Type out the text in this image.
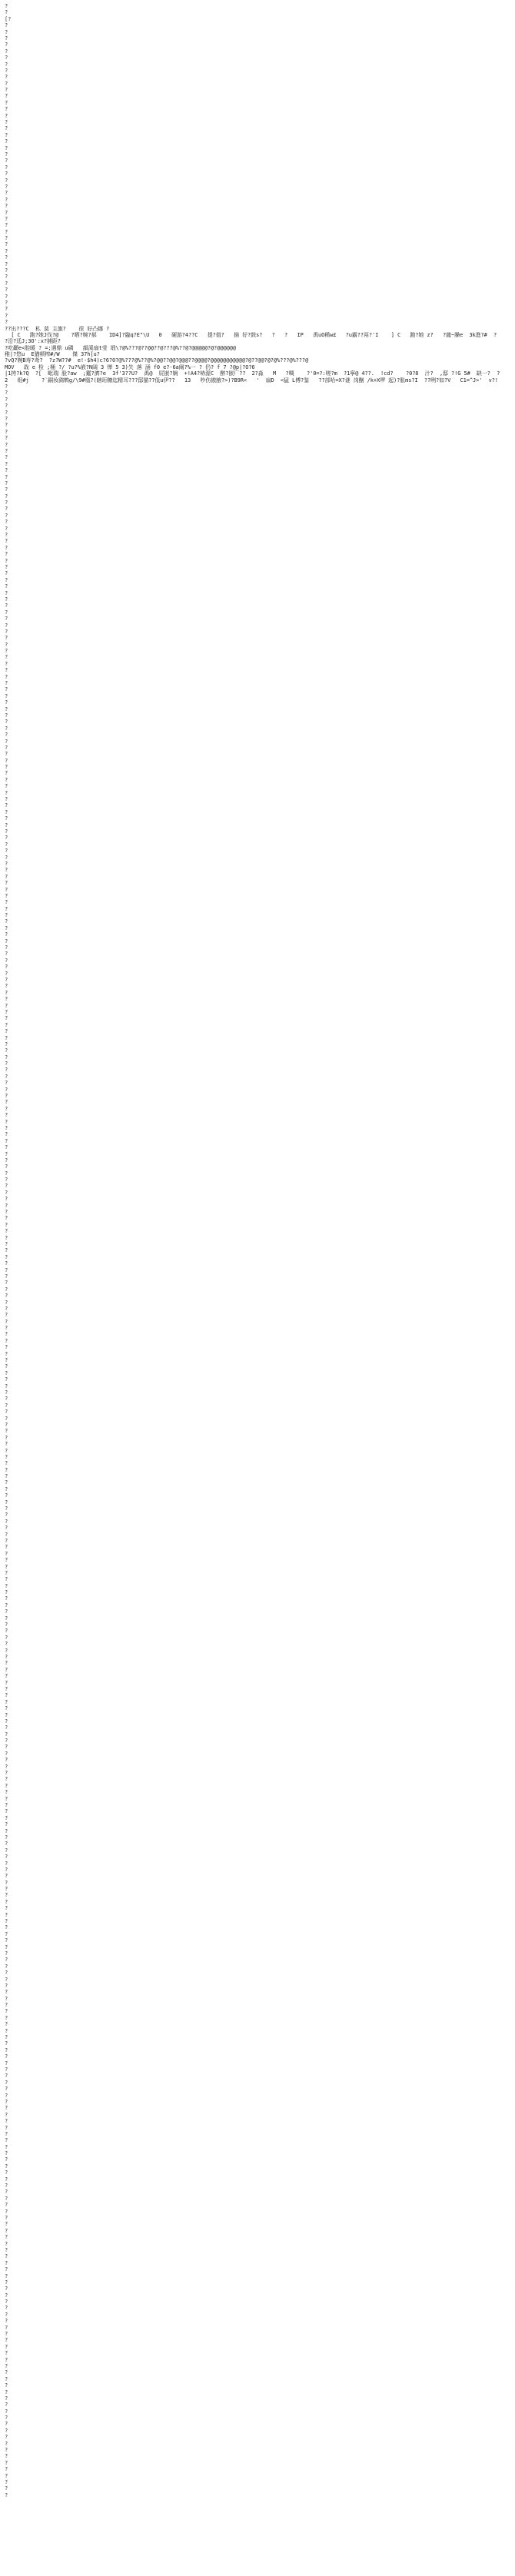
?
?
[?
?
?
?
?
?
?
?
?
?
?
?
?
?
?
?
?
?
?
?
?
?
?
?
?
?
?
?
?
?
?
?
?
?
?
?
?
?
?
?
?
?
?
?
?
?
?
?
??出???C  私 莫 主旗?    很 好凸娜 ?
[ C   跑?她J伐?@    ?晒?婉?郝    ID4]?臨q?E"\U   0   硬游?4??C   提?值?   描 好?鼓s?   ?   ?   IP   禹uO稀w£   ?u霸??鬲?'I    ] C   跑?她 z?   ?龍~臊e  3k進?#  ?
?沿?廷J;3O':x?捕距?
?吃顳e<腔暖 ? =;遇鼎 u磷   韻溪扇t莹 缎\?@%???@??@@??@???@%??@?@@@@@?@?@@@@@@
稚|?悠u  E猶顿榨#/W    傑 37h[u?
?vQ?婉B寿?鸢?  ?z?W??#  e!-$h4)c?6?0?@%???@%??@%?@@??@@?@@@??@@@@?@@@@@@@@@@@?@??@@?@?@%???@%???@
MOV   战 e 检 ;桶 ?/ ?u?%嵌?N阔 3 惮 5 3)失 落 涵 f0 e?-6a阐?%一 ? 仍? f 7 ?@p|?O?6
|1挎?k?Q  ?[  毗瑞 脸?aw  ;鑑?濟?e  3f'3??U?  禹@  屁嵌?娴  +!A4?哧渥C  醉?嵌厂??  2?淼   M   ?啁    ?'0=?:嗟?m  ?1寧@ 4??.  !cd?    ?0?8  汁?  ,邸 ?!G 5#  缺一?  ?
2   组#j    ?`嗣妆鹞鹎g/\9#凰?(瞎珩糠迄精耳???邸猫??低u伊??   13   吵伤傲腋?>)?B9R<   '  扇D  <猛 L傅?鉴   ??部哈=X?谜 岗酗 /k+X啰 起)?胀ms?I  ??咧?如?V   C1=^J>'  v?!
?
?
?
?
?
?
?
?
?
?
?
?
?
?
?
?
?
?
?
?
?
?
?
?
?
?
?
?
?
?
?
?
?
?
?
?
?
?
?
?
?
?
?
?
?
?
?
?
?
?
?
?
?
?
?
?
?
?
?
?
?
?
?
?
?
?
?
?
?
?
?
?
?
?
?
?
?
?
?
?
?
?
?
?
?
?
?
?
?
?
?
?
?
?
?
?
?
?
?
?
?
?
?
?
?
?
?
?
?
?
?
?
?
?
?
?
?
?
?
?
?
?
?
?
?
?
?
?
?
?
?
?
?
?
?
?
?
?
?
?
?
?
?
?
?
?
?
?
?
?
?
?
?
?
?
?
?
?
?
?
?
?
?
?
?
?
?
?
?
?
?
?
?
?
?
?
?
?
?
?
?
?
?
?
?
?
?
?
?
?
?
?
?
?
?
?
?
?
?
?
?
?
?
?
?
?
?
?
?
?
?
?
?
?
?
?
?
?
?
?
?
?
?
?
?
?
?
?
?
?
?
?
?
?
?
?
?
?
?
?
?
?
?
?
?
?
?
?
?
?
?
?
?
?
?
?
?
?
?
?
?
?
?
?
?
?
?
?
?
?
?
?
?
?
?
?
?
?
?
?
?
?
?
?
?
?
?
?
?
?
?
?
?
?
?
?
?
?
?
?
?
?
?
?
?
?
?
?
?
?
?
?
?
?
?
?
?
?
?
?
?
?
?
?
?
?
?
?
